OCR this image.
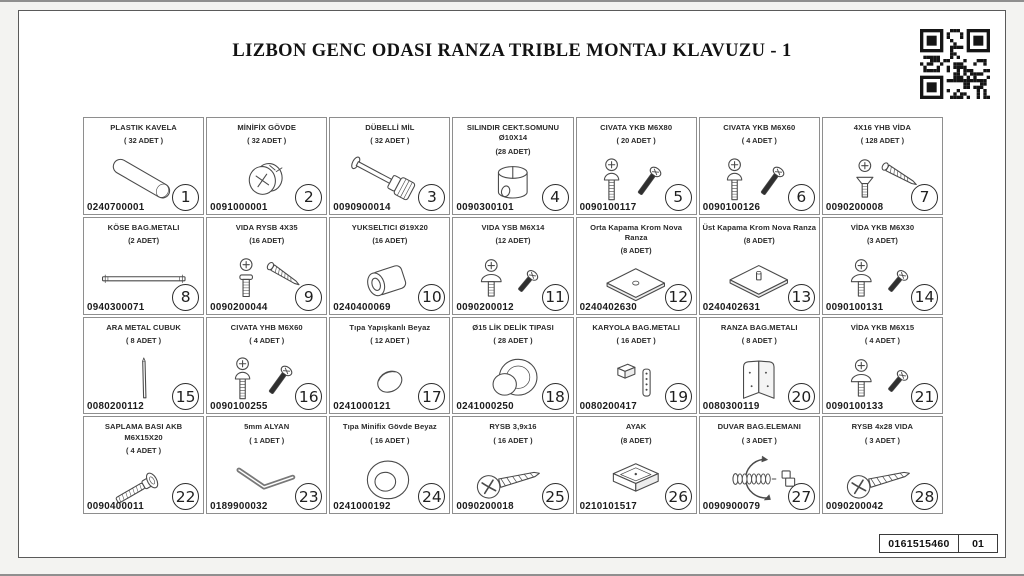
LIZBON GENC ODASI RANZA TRIBLE MONTAJ KLAVUZU - 1
PLASTIK KAVELA
( 32 ADET )
0240700001
1
MİNİFİX GÖVDE
( 32 ADET )
0091000001
2
DÜBELLİ MİL
( 32 ADET )
0090900014
3
SILINDIR CEKT.SOMUNU Ø10X14
(28 ADET)
0090300101
4
CIVATA YKB M6X80
( 20 ADET )
0090100117
5
CIVATA YKB M6X60
( 4 ADET )
0090100126
6
4X16 YHB VİDA
( 128 ADET )
0090200008
7
KÖSE BAG.METALI
(2 ADET)
0940300071
8
VIDA RYSB 4X35
(16 ADET)
0090200044
9
YUKSELTICI Ø19X20
(16 ADET)
0240400069
10
VIDA YSB M6X14
(12 ADET)
0090200012
11
Orta Kapama Krom Nova Ranza
(8 ADET)
0240402630
12
Üst Kapama Krom Nova Ranza
(8 ADET)
0240402631
13
VİDA YKB M6X30
(3 ADET)
0090100131
14
ARA METAL CUBUK
( 8 ADET )
0080200112
15
CIVATA YHB M6X60
( 4 ADET )
0090100255
16
Tıpa Yapışkanlı Beyaz
( 12 ADET )
0241000121
17
Ø15 LİK DELİK TIPASI
( 28 ADET )
0241000250
18
KARYOLA BAG.METALI
( 16 ADET )
0080200417
19
RANZA BAG.METALI
( 8 ADET )
0080300119
20
VİDA YKB M6X15
( 4 ADET )
0090100133
21
SAPLAMA BASI AKB M6X15X20
( 4 ADET )
0090400011
22
5mm ALYAN
( 1 ADET )
0189900032
23
Tıpa Minifix Gövde Beyaz
( 16 ADET )
0241000192
24
RYSB 3,9x16
( 16 ADET )
0090200018
25
AYAK
(8 ADET)
0210101517
26
DUVAR BAG.ELEMANI
( 3 ADET )
0090900079
27
RYSB 4x28 VIDA
( 3 ADET )
0090200042
28
0161515460	01
